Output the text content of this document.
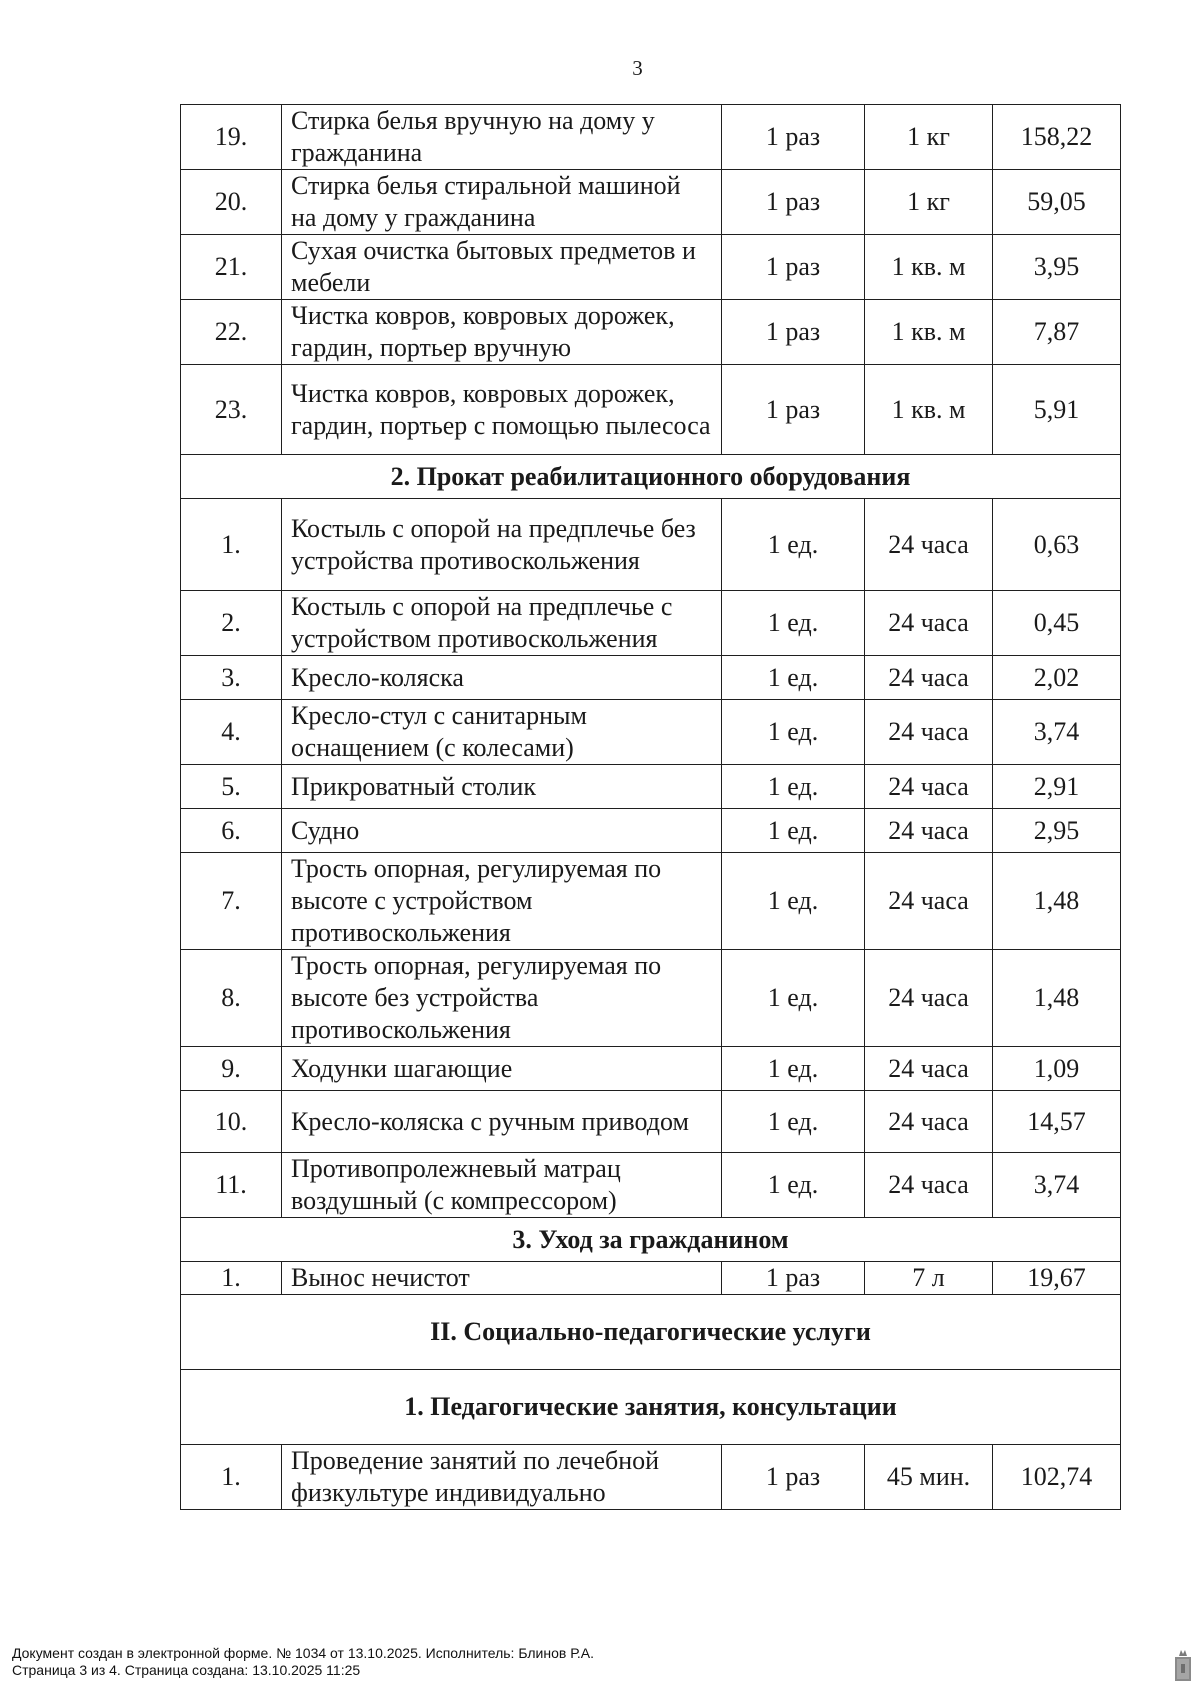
3
19.	Стирка белья вручную на дому у гражданина	1 раз	1 кг	158,22
20.	Стирка белья стиральной машиной на дому у гражданина	1 раз	1 кг	59,05
21.	Сухая очистка бытовых предметов и мебели	1 раз	1 кв. м	3,95
22.	Чистка ковров, ковровых дорожек, гардин, портьер вручную	1 раз	1 кв. м	7,87
23.	Чистка ковров, ковровых дорожек, гардин, портьер с помощью пылесоса	1 раз	1 кв. м	5,91
2. Прокат реабилитационного оборудования				
1.	Костыль с опорой на предплечье без устройства противоскольжения	1 ед.	24 часа	0,63
2.	Костыль с опорой на предплечье с устройством противоскольжения	1 ед.	24 часа	0,45
3.	Кресло-коляска	1 ед.	24 часа	2,02
4.	Кресло-стул с санитарным оснащением (с колесами)	1 ед.	24 часа	3,74
5.	Прикроватный столик	1 ед.	24 часа	2,91
6.	Судно	1 ед.	24 часа	2,95
7.	Трость опорная, регулируемая по высоте с устройством противоскольжения	1 ед.	24 часа	1,48
8.	Трость опорная, регулируемая по высоте без устройства противоскольжения	1 ед.	24 часа	1,48
9.	Ходунки шагающие	1 ед.	24 часа	1,09
10.	Кресло-коляска с ручным приводом	1 ед.	24 часа	14,57
11.	Противопролежневый матрац воздушный (с компрессором)	1 ед.	24 часа	3,74
3. Уход за гражданином				
1.	Вынос нечистот	1 раз	7 л	19,67
II. Социально-педагогические услуги				
1. Педагогические занятия, консультации				
1.	Проведение занятий по лечебной физкультуре индивидуально	1 раз	45 мин.	102,74
Документ создан в электронной форме. № 1034 от 13.10.2025. Исполнитель: Блинов Р.А.
Страница 3 из 4. Страница создана: 13.10.2025 11:25
